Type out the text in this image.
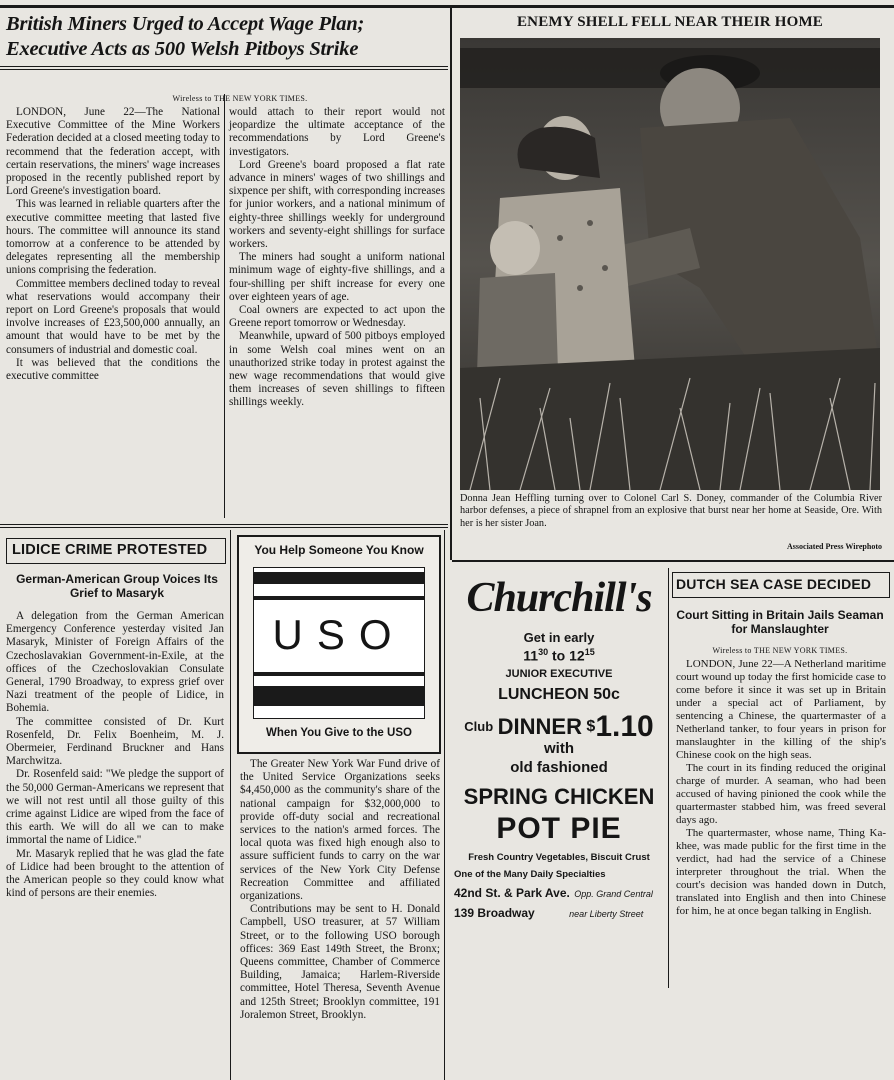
British Miners Urged to Accept Wage Plan;
Executive Acts as 500 Welsh Pitboys Strike
Wireless to THE NEW YORK TIMES.

LONDON, June 22—The National Executive Committee of the Mine Workers Federation decided at a closed meeting today to recommend that the federation accept, with certain reservations, the miners' wage increases proposed in the recently published report by Lord Greene's investigation board.

This was learned in reliable quarters after the executive committee meeting that lasted five hours. The committee will announce its stand tomorrow at a conference to be attended by delegates representing all the membership unions comprising the federation.

Committee members declined today to reveal what reservations would accompany their report on Lord Greene's proposals that would involve increases of £23,500,000 annually, an amount that would have to be met by the consumers of industrial and domestic coal.

It was believed that the conditions the executive committee

would attach to their report would not jeopardize the ultimate acceptance of the recommendations by Lord Greene's investigators.

Lord Greene's board proposed a flat rate advance in miners' wages of two shillings and sixpence per shift, with corresponding increases for junior workers, and a national minimum of eighty-three shillings weekly for underground workers and seventy-eight shillings for surface workers.

The miners had sought a uniform national minimum wage of eighty-five shillings, and a four-shilling per shift increase for every one over eighteen years of age.

Coal owners are expected to act upon the Greene report tomorrow or Wednesday.

Meanwhile, upward of 500 pitboys employed in some Welsh coal mines went on an unauthorized strike today in protest against the new wage recommendations that would give them increases of seven shillings to fifteen shillings weekly.

ENEMY SHELL FELL NEAR THEIR HOME
Donna Jean Heffling turning over to Colonel Carl S. Doney, commander of the Columbia River harbor defenses, a piece of shrapnel from an explosive that burst near her home at Seaside, Ore. With her is her sister Joan.
Associated Press Wirephoto
LIDICE CRIME PROTESTED
German-American Group Voices Its Grief to Masaryk

A delegation from the German American Emergency Conference yesterday visited Jan Masaryk, Minister of Foreign Affairs of the Czechoslavakian Government-in-Exile, at the offices of the Czechoslovakian Consulate General, 1790 Broadway, to express grief over Nazi treatment of the people of Lidice, in Bohemia.

The committee consisted of Dr. Kurt Rosenfeld, Dr. Felix Boenheim, M. J. Obermeier, Ferdinand Bruckner and Hans Marchwitza.

Dr. Rosenfeld said: "We pledge the support of the 50,000 German-Americans we represent that we will not rest until all those guilty of this crime against Lidice are wiped from the face of this earth. We will do all we can to make immortal the name of Lidice."

Mr. Masaryk replied that he was glad the fate of Lidice had been brought to the attention of the American people so they could know what kind of persons are their enemies.

You Help Someone You Know
USO
When You Give to the USO

The Greater New York War Fund drive of the United Service Organizations seeks $4,450,000 as the community's share of the national campaign for $32,000,000 to provide off-duty social and recreational services to the nation's armed forces. The local quota was fixed high enough also to assure sufficient funds to carry on the war services of the New York City Defense Recreation Committee and affiliated organizations.

Contributions may be sent to H. Donald Campbell, USO treasurer, at 57 William Street, or to the following USO borough offices: 369 East 149th Street, the Bronx; Queens committee, Chamber of Commerce Building, Jamaica; Harlem-Riverside committee, Hotel Theresa, Seventh Avenue and 125th Street; Brooklyn committee, 191 Joralemon Street, Brooklyn.

Churchill's
Get in early
$11^{30}$ to $12^{15}$
JUNIOR EXECUTIVE
LUNCHEON 50c
Club DINNER $1.10
with
old fashioned
SPRING CHICKEN
POT PIE
Fresh Country Vegetables, Biscuit Crust
One of the Many Daily Specialties
42nd St. & Park Ave. Opp. Grand Central
139 Broadway	near Liberty Street
DUTCH SEA CASE DECIDED
Court Sitting in Britain Jails Seaman for Manslaughter
Wireless to THE NEW YORK TIMES.

LONDON, June 22—A Netherland maritime court wound up today the first homicide case to come before it since it was set up in Britain under a special act of Parliament, by sentencing a Chinese, the quartermaster of a Netherland tanker, to four years in prison for manslaughter in the killing of the ship's Chinese cook on the high seas.

The court in its finding reduced the original charge of murder. A seaman, who had been accused of having pinioned the cook while the quartermaster stabbed him, was freed several days ago.

The quartermaster, whose name, Thing Ka-khee, was made public for the first time in the verdict, had had the service of a Chinese interpreter throughout the trial. When the court's decision was handed down in Dutch, translated into English and then into Chinese for him, he at once began talking in English.
